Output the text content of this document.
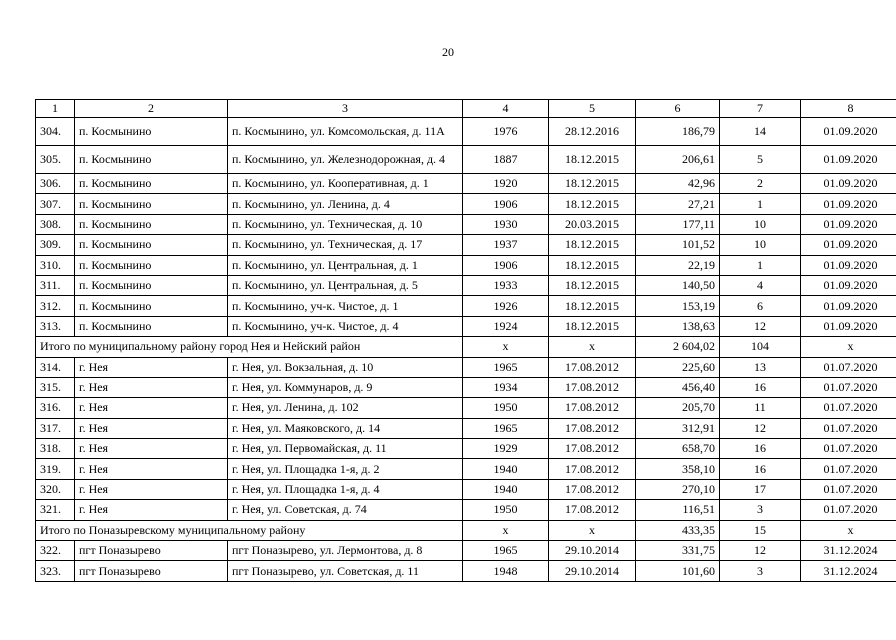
20
1	2	3	4	5	6	7	8
304.	п. Космынино	п. Космынино, ул. Комсомольская, д. 11А	1976	28.12.2016	186,79	14	01.09.2020
305.	п. Космынино	п. Космынино, ул. Железнодорожная, д. 4	1887	18.12.2015	206,61	5	01.09.2020
306.	п. Космынино	п. Космынино, ул. Кооперативная, д. 1	1920	18.12.2015	42,96	2	01.09.2020
307.	п. Космынино	п. Космынино, ул. Ленина, д. 4	1906	18.12.2015	27,21	1	01.09.2020
308.	п. Космынино	п. Космынино, ул. Техническая, д. 10	1930	20.03.2015	177,11	10	01.09.2020
309.	п. Космынино	п. Космынино, ул. Техническая, д. 17	1937	18.12.2015	101,52	10	01.09.2020
310.	п. Космынино	п. Космынино, ул. Центральная, д. 1	1906	18.12.2015	22,19	1	01.09.2020
311.	п. Космынино	п. Космынино, ул. Центральная, д. 5	1933	18.12.2015	140,50	4	01.09.2020
312.	п. Космынино	п. Космынино, уч-к. Чистое, д. 1	1926	18.12.2015	153,19	6	01.09.2020
313.	п. Космынино	п. Космынино, уч-к. Чистое, д. 4	1924	18.12.2015	138,63	12	01.09.2020
Итого по муниципальному району город Нея и Нейский район			х	х	2 604,02	104	х
314.	г. Нея	г. Нея, ул. Вокзальная, д. 10	1965	17.08.2012	225,60	13	01.07.2020
315.	г. Нея	г. Нея, ул. Коммунаров, д. 9	1934	17.08.2012	456,40	16	01.07.2020
316.	г. Нея	г. Нея, ул. Ленина, д. 102	1950	17.08.2012	205,70	11	01.07.2020
317.	г. Нея	г. Нея, ул. Маяковского, д. 14	1965	17.08.2012	312,91	12	01.07.2020
318.	г. Нея	г. Нея, ул. Первомайская, д. 11	1929	17.08.2012	658,70	16	01.07.2020
319.	г. Нея	г. Нея, ул. Площадка 1-я, д. 2	1940	17.08.2012	358,10	16	01.07.2020
320.	г. Нея	г. Нея, ул. Площадка 1-я, д. 4	1940	17.08.2012	270,10	17	01.07.2020
321.	г. Нея	г. Нея, ул. Советская, д. 74	1950	17.08.2012	116,51	3	01.07.2020
Итого по Поназыревскому муниципальному району			х	х	433,35	15	х
322.	пгт Поназырево	пгт Поназырево, ул. Лермонтова, д. 8	1965	29.10.2014	331,75	12	31.12.2024
323.	пгт Поназырево	пгт Поназырево, ул. Советская, д. 11	1948	29.10.2014	101,60	3	31.12.2024
